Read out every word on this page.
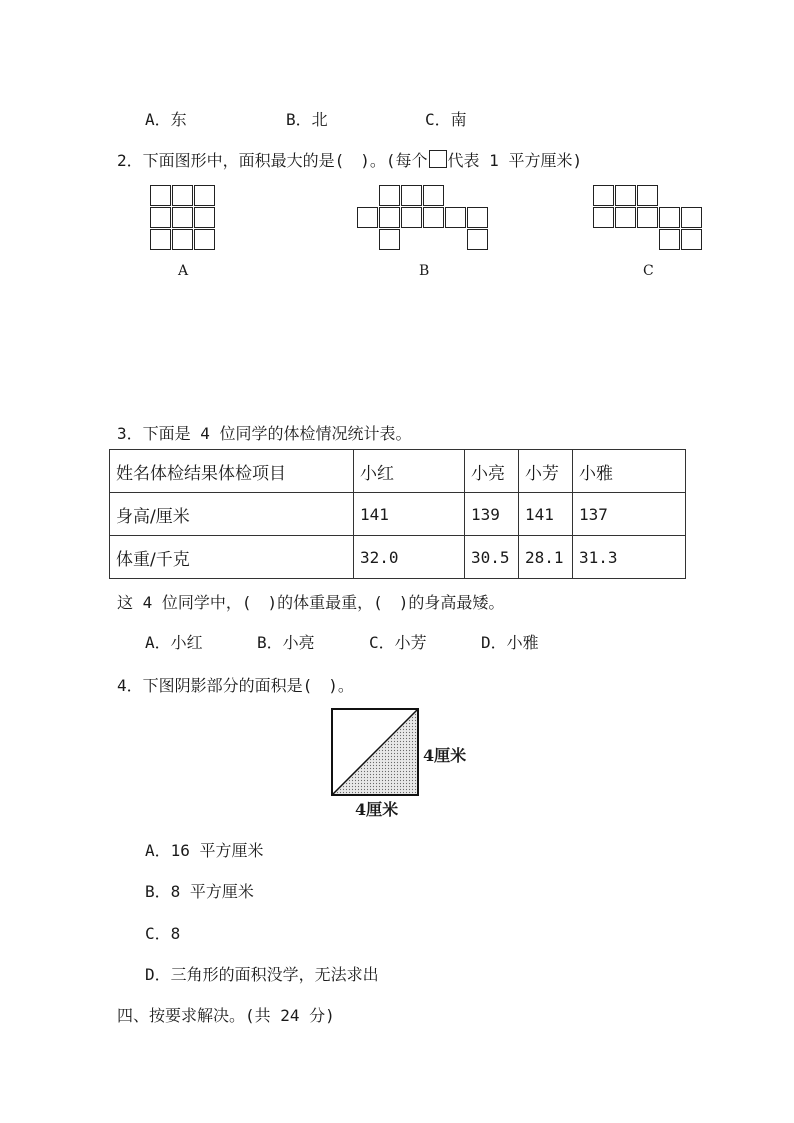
A．东	B．北	C．南
2．下面图形中，面积最大的是(　)。(每个 代表 1 平方厘米)
A	B	C
3．下面是 4 位同学的体检情况统计表。
姓名体检结果体检项目	小红	小亮	小芳	小雅
身高/厘米	141	139	141	137
体重/千克	32.0	30.5	28.1	31.3
这 4 位同学中，(　)的体重最重，(　)的身高最矮。
A．小红	B．小亮	C．小芳	D．小雅
4．下图阴影部分的面积是(　)。
4厘米
4厘米
A．16 平方厘米
B．8 平方厘米
C．8
D．三角形的面积没学，无法求出
四、按要求解决。(共 24 分)
